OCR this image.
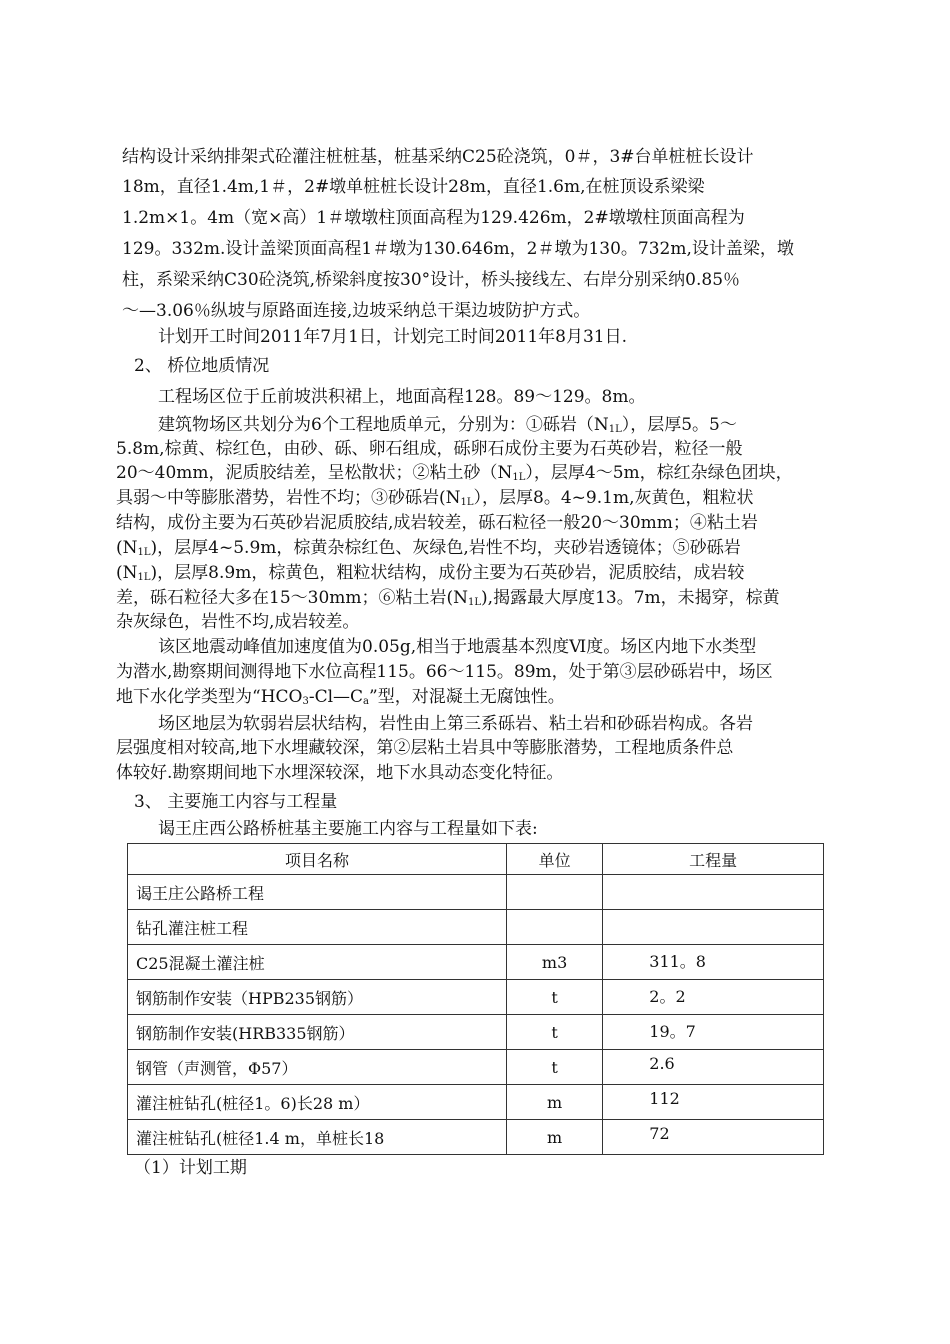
结构设计采纳排架式砼灌注桩桩基，桩基采纳C25砼浇筑，0＃，3#台单桩桩长设计
18m，直径1.4m,1＃，2#墩单桩桩长设计28m，直径1.6m,在桩顶设系梁梁
1.2m×1。4m（宽×高）1＃墩墩柱顶面高程为129.426m，2#墩墩柱顶面高程为
129。332m.设计盖梁顶面高程1＃墩为130.646m，2＃墩为130。732m,设计盖梁，墩
柱，系梁采纳C30砼浇筑,桥梁斜度按30°设计，桥头接线左、右岸分别采纳0.85％
～—3.06％纵坡与原路面连接,边坡采纳总干渠边坡防护方式。
计划开工时间2011年7月1日，计划完工时间2011年8月31日.
2、 桥位地质情况
工程场区位于丘前坡洪积裙上，地面高程128。89～129。8m。
建筑物场区共划分为6个工程地质单元，分别为：①砾岩$(N_{1L})$，层厚5。5～
5.8m,棕黄、棕红色，由砂、砾、卵石组成，砾卵石成份主要为石英砂岩，粒径一般
20～40mm，泥质胶结差，呈松散状；②粘土砂$(N_{1L})$，层厚4～5m，棕红杂绿色团块，
具弱～中等膨胀潜势，岩性不均；③砂砾岩$(N_{1L})$，层厚8。4~9.1m,灰黄色，粗粒状
结构，成份主要为石英砂岩泥质胶结,成岩较差，砾石粒径一般20～30mm；④粘土岩
$(N_{1L})$，层厚4~5.9m，棕黄杂棕红色、灰绿色,岩性不均，夹砂岩透镜体；⑤砂砾岩
$(N_{1L})$，层厚8.9m，棕黄色，粗粒状结构，成份主要为石英砂岩，泥质胶结，成岩较
差，砾石粒径大多在15～30mm；⑥粘土岩$(N_{1L})$,揭露最大厚度13。7m，未揭穿，棕黄
杂灰绿色，岩性不均,成岩较差。
该区地震动峰值加速度值为0.05g,相当于地震基本烈度Ⅵ度。场区内地下水类型
为潜水,勘察期间测得地下水位高程115。66～115。89m，处于第③层砂砾岩中，场区
地下水化学类型为“$HCO_3-Cl—C_a$”型，对混凝土无腐蚀性。
场区地层为软弱岩层状结构，岩性由上第三系砾岩、粘土岩和砂砾岩构成。各岩
层强度相对较高,地下水埋藏较深，第②层粘土岩具中等膨胀潜势，工程地质条件总
体较好.勘察期间地下水埋深较深，地下水具动态变化特征。
3、 主要施工内容与工程量
谒王庄西公路桥桩基主要施工内容与工程量如下表:
项目名称	单位	工程量
谒王庄公路桥工程		
钻孔灌注桩工程		
C25混凝土灌注桩	m3	311。8
钢筋制作安装（HPB235钢筋）	t	2。2
钢筋制作安装(HRB335钢筋）	t	19。7
钢管（声测管，Φ57）	t	2.6
灌注桩钻孔(桩径1。6)长28 m）	m	112
灌注桩钻孔(桩径1.4 m，单桩长18	m	72
（1）计划工期
